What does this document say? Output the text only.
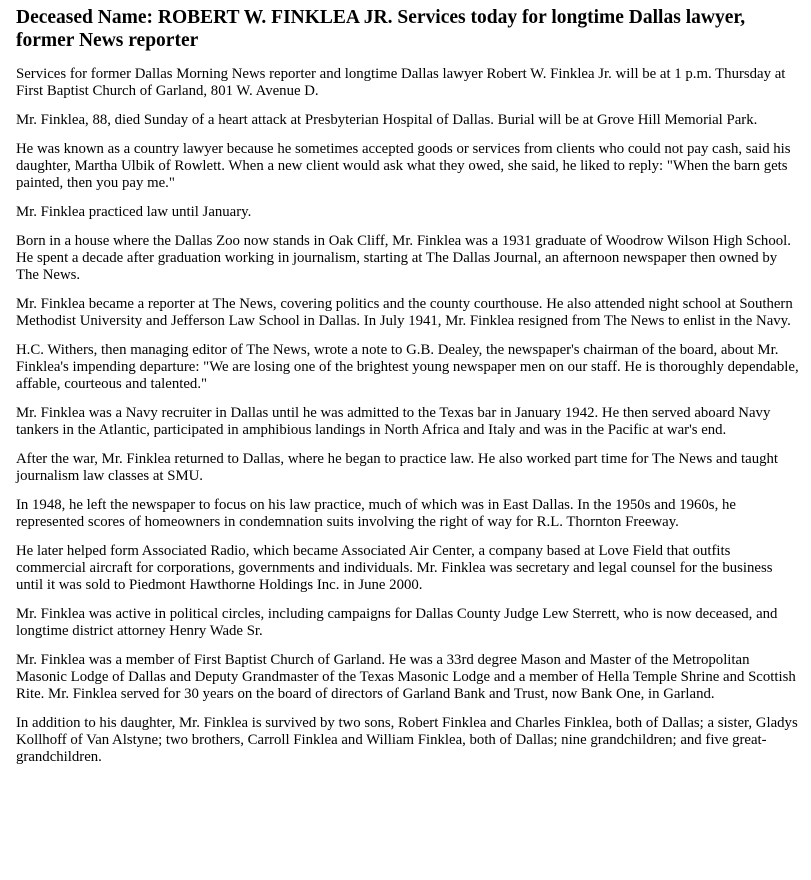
Deceased Name: ROBERT W. FINKLEA JR. Services today for longtime Dallas lawyer, former News reporter

Services for former Dallas Morning News reporter and longtime Dallas lawyer Robert W. Finklea Jr. will be at 1 p.m. Thursday at First Baptist Church of Garland, 801 W. Avenue D.

Mr. Finklea, 88, died Sunday of a heart attack at Presbyterian Hospital of Dallas. Burial will be at Grove Hill Memorial Park.

He was known as a country lawyer because he sometimes accepted goods or services from clients who could not pay cash, said his daughter, Martha Ulbik of Rowlett. When a new client would ask what they owed, she said, he liked to reply: "When the barn gets painted, then you pay me."

Mr. Finklea practiced law until January.

Born in a house where the Dallas Zoo now stands in Oak Cliff, Mr. Finklea was a 1931 graduate of Woodrow Wilson High School. He spent a decade after graduation working in journalism, starting at The Dallas Journal, an afternoon newspaper then owned by The News.

Mr. Finklea became a reporter at The News, covering politics and the county courthouse. He also attended night school at Southern Methodist University and Jefferson Law School in Dallas. In July 1941, Mr. Finklea resigned from The News to enlist in the Navy.

H.C. Withers, then managing editor of The News, wrote a note to G.B. Dealey, the newspaper's chairman of the board, about Mr. Finklea's impending departure: "We are losing one of the brightest young newspaper men on our staff. He is thoroughly dependable, affable, courteous and talented."

Mr. Finklea was a Navy recruiter in Dallas until he was admitted to the Texas bar in January 1942. He then served aboard Navy tankers in the Atlantic, participated in amphibious landings in North Africa and Italy and was in the Pacific at war's end.

After the war, Mr. Finklea returned to Dallas, where he began to practice law. He also worked part time for The News and taught journalism law classes at SMU.

In 1948, he left the newspaper to focus on his law practice, much of which was in East Dallas. In the 1950s and 1960s, he represented scores of homeowners in condemnation suits involving the right of way for R.L. Thornton Freeway.

He later helped form Associated Radio, which became Associated Air Center, a company based at Love Field that outfits commercial aircraft for corporations, governments and individuals. Mr. Finklea was secretary and legal counsel for the business until it was sold to Piedmont Hawthorne Holdings Inc. in June 2000.

Mr. Finklea was active in political circles, including campaigns for Dallas County Judge Lew Sterrett, who is now deceased, and longtime district attorney Henry Wade Sr.

Mr. Finklea was a member of First Baptist Church of Garland. He was a 33rd degree Mason and Master of the Metropolitan Masonic Lodge of Dallas and Deputy Grandmaster of the Texas Masonic Lodge and a member of Hella Temple Shrine and Scottish Rite. Mr. Finklea served for 30 years on the board of directors of Garland Bank and Trust, now Bank One, in Garland.

In addition to his daughter, Mr. Finklea is survived by two sons, Robert Finklea and Charles Finklea, both of Dallas; a sister, Gladys Kollhoff of Van Alstyne; two brothers, Carroll Finklea and William Finklea, both of Dallas; nine grandchildren; and five great-grandchildren.
